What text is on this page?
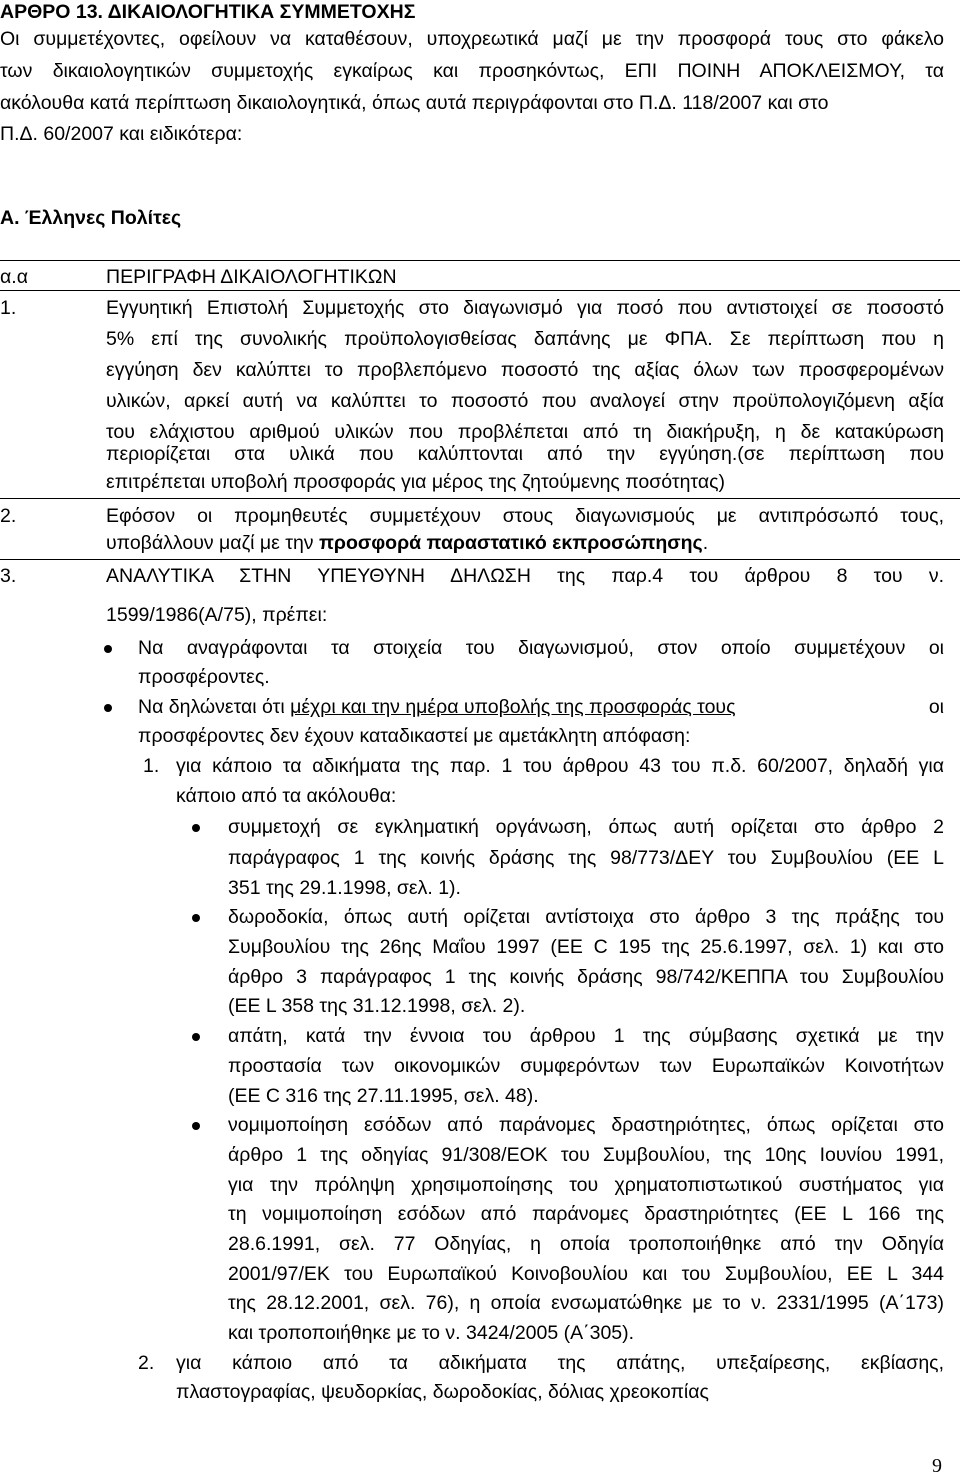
ΑΡΘΡΟ 13. ΔΙΚΑΙΟΛΟΓΗΤΙΚΑ ΣΥΜΜΕΤΟΧΗΣ
Οι συμμετέχοντες, οφείλουν να καταθέσουν, υποχρεωτικά μαζί με την προσφορά τους στο φάκελο
των δικαιολογητικών συμμετοχής εγκαίρως και προσηκόντως, ΕΠΙ ΠΟΙΝΗ ΑΠΟΚΛΕΙΣΜΟΥ, τα
ακόλουθα κατά περίπτωση δικαιολογητικά, όπως αυτά περιγράφονται στο Π.Δ. 118/2007 και στο
Π.Δ. 60/2007 και ειδικότερα:
Α. Έλληνες Πολίτες
α.α	ΠΕΡΙΓΡΑΦΗ ΔΙΚΑΙΟΛΟΓΗΤΙΚΩΝ
1.	Εγγυητική Επιστολή Συμμετοχής στο διαγωνισμό για ποσό που αντιστοιχεί σε ποσοστό
5% επί της συνολικής προϋπολογισθείσας δαπάνης με ΦΠΑ. Σε περίπτωση που η
εγγύηση δεν καλύπτει το προβλεπόμενο ποσοστό της αξίας όλων των προσφερομένων
υλικών, αρκεί αυτή να καλύπτει το ποσοστό που αναλογεί στην προϋπολογιζόμενη αξία
του ελάχιστου αριθμού υλικών που προβλέπεται από τη διακήρυξη, η δε κατακύρωση
περιορίζεται στα υλικά που καλύπτονται από την εγγύηση.(σε περίπτωση που
επιτρέπεται υποβολή προσφοράς για μέρος της ζητούμενης ποσότητας)
2.	Εφόσον οι προμηθευτές συμμετέχουν στους διαγωνισμούς με αντιπρόσωπό τους,
υποβάλλουν μαζί με την προσφορά παραστατικό εκπροσώπησης.
3.	ΑΝΑΛΥΤΙΚΑ ΣΤΗΝ ΥΠΕΥΘΥΝΗ ΔΗΛΩΣΗ της παρ.4 του άρθρου 8 του ν.
1599/1986(Α/75), πρέπει:
Να αναγράφονται τα στοιχεία του διαγωνισμού, στον οποίο συμμετέχουν οι
προσφέροντες.
Να δηλώνεται ότι μέχρι και την ημέρα υποβολής της προσφοράς τους	οι
προσφέροντες δεν έχουν καταδικαστεί με αμετάκλητη απόφαση:
1. για κάποιο τα αδικήματα της παρ. 1 του άρθρου 43 του π.δ. 60/2007, δηλαδή για
κάποιο από τα ακόλουθα:
συμμετοχή σε εγκληματική οργάνωση, όπως αυτή ορίζεται στο άρθρο 2
παράγραφος 1 της κοινής δράσης της 98/773/ΔΕΥ του Συμβουλίου (ΕΕ L
351 της 29.1.1998, σελ. 1).
δωροδοκία, όπως αυτή ορίζεται αντίστοιχα στο άρθρο 3 της πράξης του
Συμβουλίου της 26ης Μαΐου 1997 (ΕΕ C 195 της 25.6.1997, σελ. 1) και στο
άρθρο 3 παράγραφος 1 της κοινής δράσης 98/742/ΚΕΠΠΑ του Συμβουλίου
(ΕΕ L 358 της 31.12.1998, σελ. 2).
απάτη, κατά την έννοια του άρθρου 1 της σύμβασης σχετικά με την
προστασία των οικονομικών συμφερόντων των Ευρωπαϊκών Κοινοτήτων
(ΕΕ C 316 της 27.11.1995, σελ. 48).
νομιμοποίηση εσόδων από παράνομες δραστηριότητες, όπως ορίζεται στο
άρθρο 1 της οδηγίας 91/308/ΕΟΚ του Συμβουλίου, της 10ης Ιουνίου 1991,
για την πρόληψη χρησιμοποίησης του χρηματοπιστωτικού συστήματος για
τη νομιμοποίηση εσόδων από παράνομες δραστηριότητες (ΕΕ L 166 της
28.6.1991, σελ. 77 Οδηγίας, η οποία τροποποιήθηκε από την Οδηγία
2001/97/ΕΚ του Ευρωπαϊκού Κοινοβουλίου και του Συμβουλίου, ΕΕ L 344
της 28.12.2001, σελ. 76), η οποία ενσωματώθηκε με το ν. 2331/1995 (Α΄173)
και τροποποιήθηκε με το ν. 3424/2005 (Α΄305).
2. για κάποιο από τα αδικήματα της απάτης, υπεξαίρεσης, εκβίασης,
πλαστογραφίας, ψευδορκίας, δωροδοκίας, δόλιας χρεοκοπίας
9
